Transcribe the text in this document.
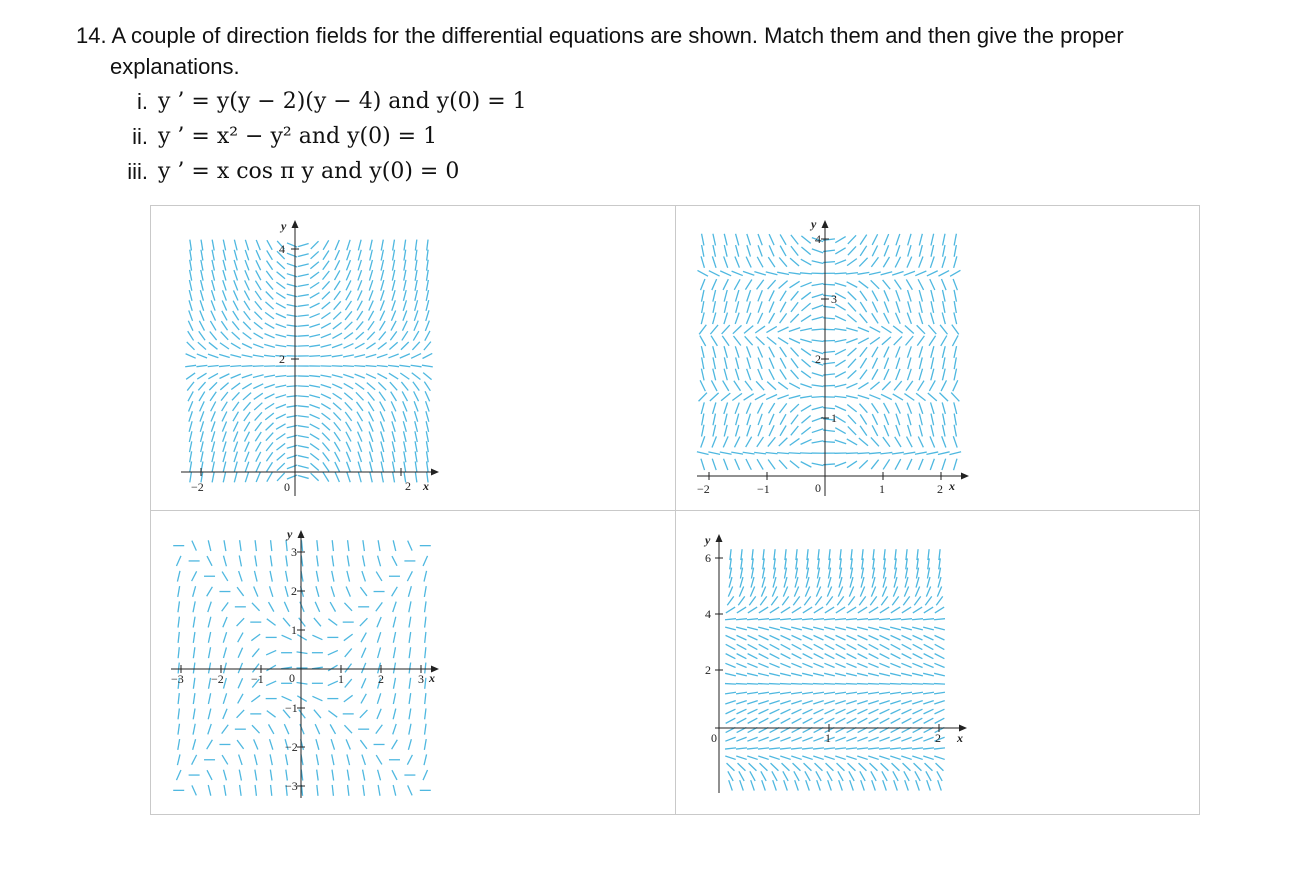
14. A couple of direction fields for the differential equations are shown. Match them and then give the proper
explanations.
i. y ’ = y(y − 2)(y − 4) and y(0) = 1
ii. y ’ = x² − y² and y(0) = 1
iii. y ’ = x cos π y and y(0) = 0
−2	0	2 x
y
4
2
−2	−1	0	1	2 x
y
4
3
2
1
−3 −2 −1 0	1	2	3 x
y
3
2
1
−1
−2
−3
0	1	2 x
y
6
4
2
